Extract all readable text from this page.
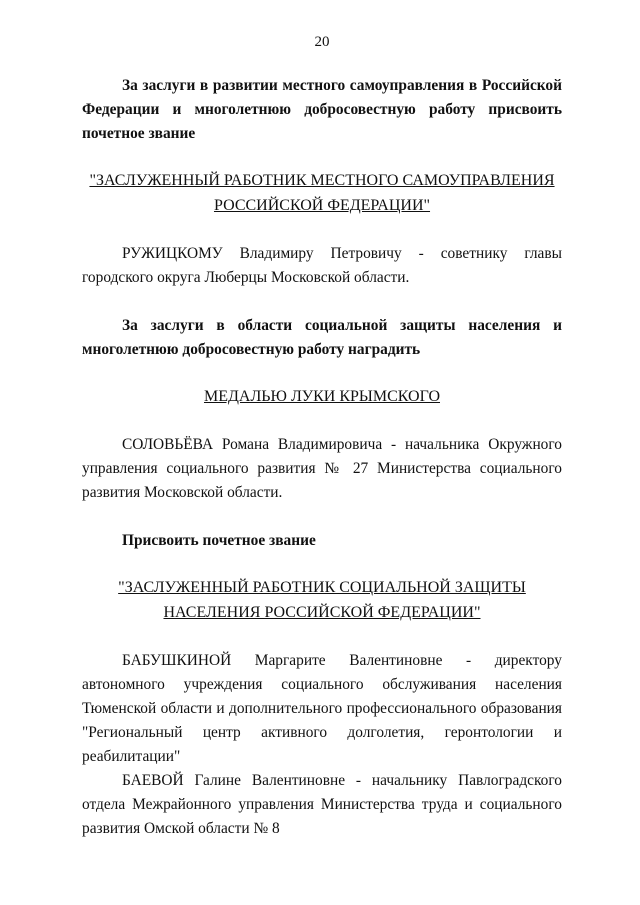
20

За заслуги в развитии местного самоуправления в Российской Федерации и многолетнюю добросовестную работу присвоить почетное звание

"ЗАСЛУЖЕННЫЙ РАБОТНИК МЕСТНОГО САМОУПРАВЛЕНИЯ
РОССИЙСКОЙ ФЕДЕРАЦИИ"

РУЖИЦКОМУ Владимиру Петровичу - советнику главы городского округа Люберцы Московской области.

За заслуги в области социальной защиты населения и многолетнюю добросовестную работу наградить

МЕДАЛЬЮ ЛУКИ КРЫМСКОГО

СОЛОВЬЁВА Романа Владимировича - начальника Окружного управления социального развития № 27 Министерства социального развития Московской области.

Присвоить почетное звание

"ЗАСЛУЖЕННЫЙ РАБОТНИК СОЦИАЛЬНОЙ ЗАЩИТЫ
НАСЕЛЕНИЯ РОССИЙСКОЙ ФЕДЕРАЦИИ"

БАБУШКИНОЙ Маргарите Валентиновне - директору автономного учреждения социального обслуживания населения Тюменской области и дополнительного профессионального образования "Региональный центр активного долголетия, геронтологии и реабилитации"

БАЕВОЙ Галине Валентиновне - начальнику Павлоградского отдела Межрайонного управления Министерства труда и социального развития Омской области № 8
